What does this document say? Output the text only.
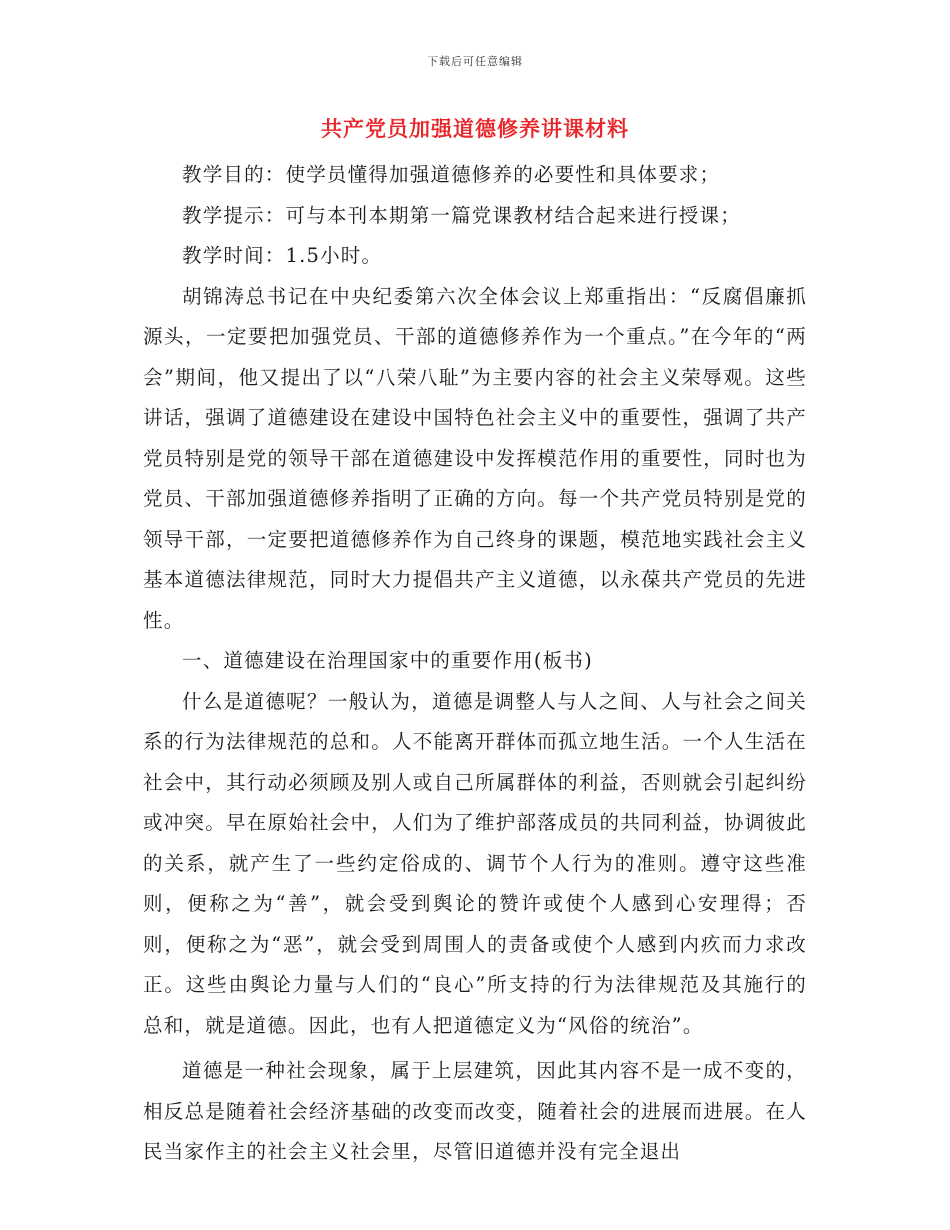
下载后可任意编辑
共产党员加强道德修养讲课材料

教学目的：使学员懂得加强道德修养的必要性和具体要求；

教学提示：可与本刊本期第一篇党课教材结合起来进行授课；

教学时间：1.5小时。

胡锦涛总书记在中央纪委第六次全体会议上郑重指出：“反腐倡廉抓源头，一定要把加强党员、干部的道德修养作为一个重点。”在今年的“两会”期间，他又提出了以“八荣八耻”为主要内容的社会主义荣辱观。这些讲话，强调了道德建设在建设中国特色社会主义中的重要性，强调了共产党员特别是党的领导干部在道德建设中发挥模范作用的重要性，同时也为党员、干部加强道德修养指明了正确的方向。每一个共产党员特别是党的领导干部，一定要把道德修养作为自己终身的课题，模范地实践社会主义基本道德法律规范，同时大力提倡共产主义道德，以永葆共产党员的先进性。

一、道德建设在治理国家中的重要作用(板书)

什么是道德呢？一般认为，道德是调整人与人之间、人与社会之间关系的行为法律规范的总和。人不能离开群体而孤立地生活。一个人生活在社会中，其行动必须顾及别人或自己所属群体的利益，否则就会引起纠纷或冲突。早在原始社会中，人们为了维护部落成员的共同利益，协调彼此的关系，就产生了一些约定俗成的、调节个人行为的准则。遵守这些准则，便称之为“善”，就会受到舆论的赞许或使个人感到心安理得；否则，便称之为“恶”，就会受到周围人的责备或使个人感到内疚而力求改正。这些由舆论力量与人们的“良心”所支持的行为法律规范及其施行的总和，就是道德。因此，也有人把道德定义为“风俗的统治”。

道德是一种社会现象，属于上层建筑，因此其内容不是一成不变的，相反总是随着社会经济基础的改变而改变，随着社会的进展而进展。在人民当家作主的社会主义社会里，尽管旧道德并没有完全退出
